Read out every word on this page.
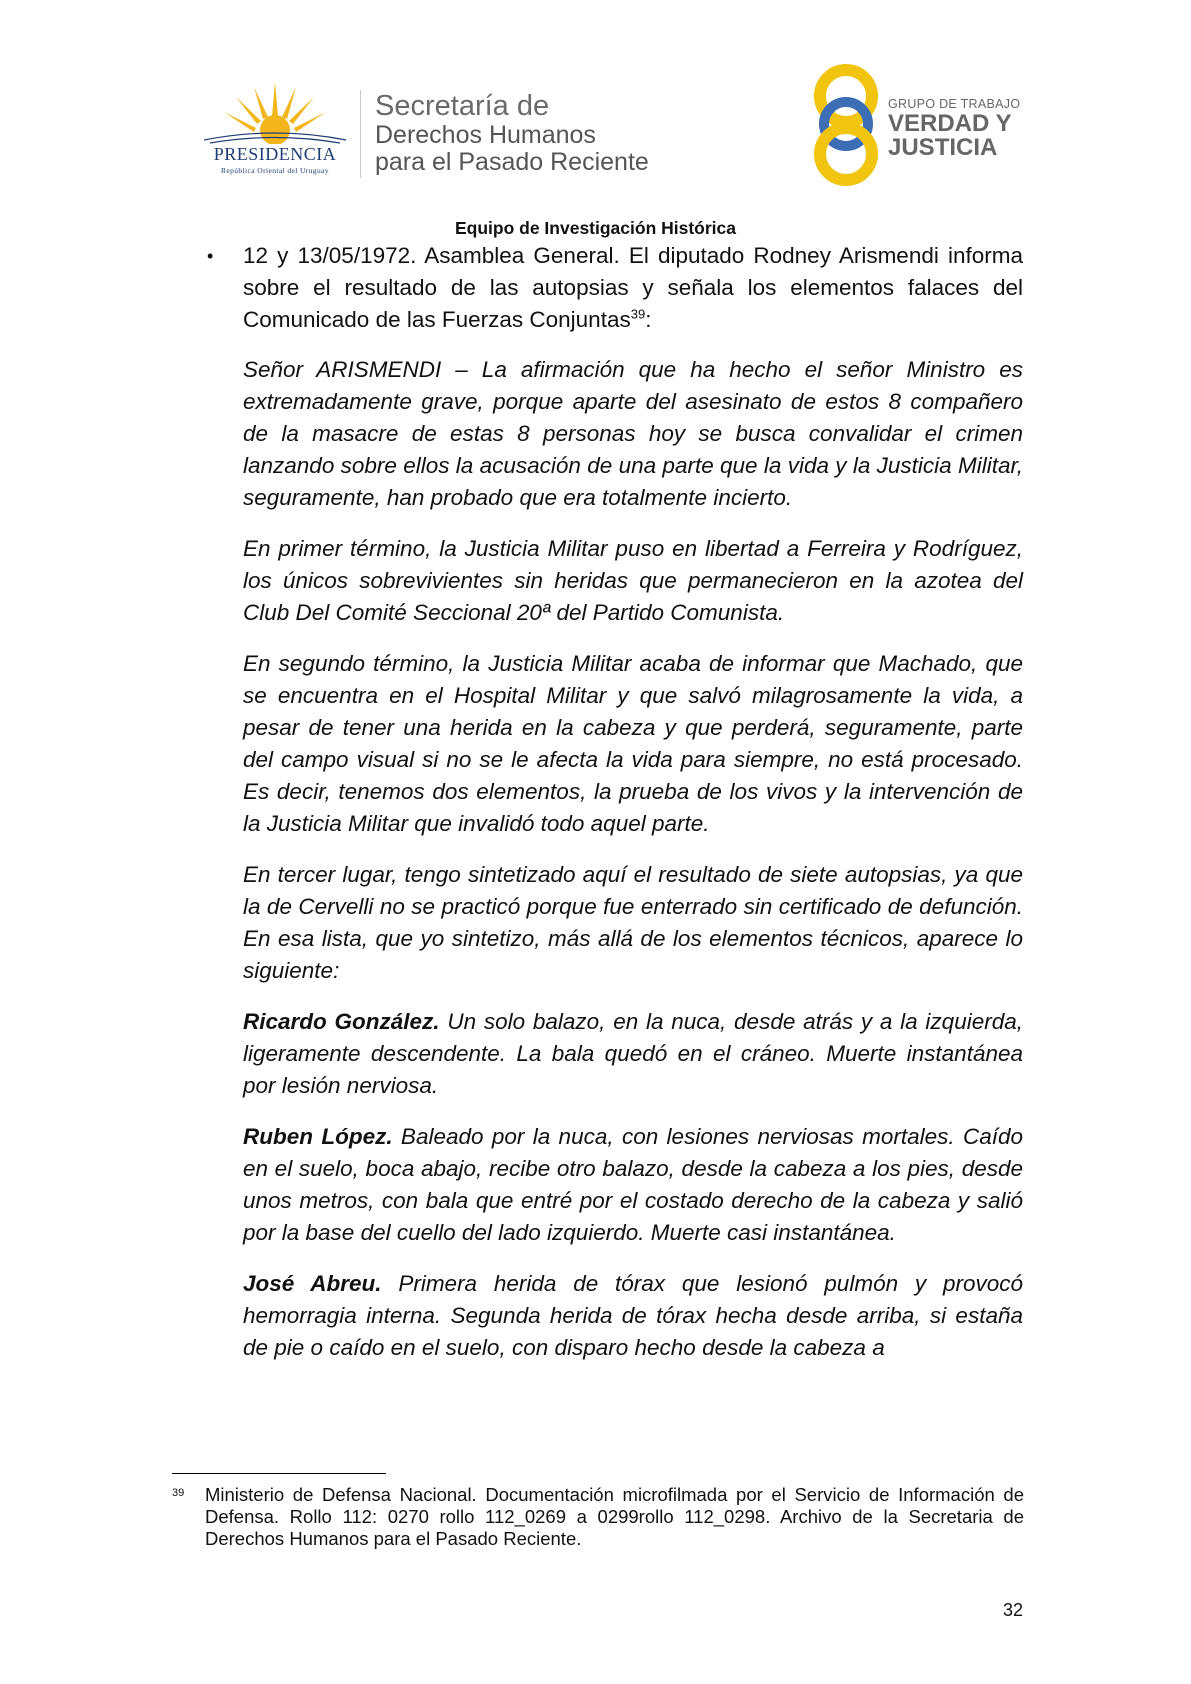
PRESIDENCIA
República Oriental del Uruguay
Secretaría de
Derechos Humanos
para el Pasado Reciente
GRUPO DE TRABAJO
VERDAD Y
JUSTICIA
Equipo de Investigación Histórica
• 12 y 13/05/1972. Asamblea General. El diputado Rodney Arismendi informa sobre el resultado de las autopsias y señala los elementos falaces del Comunicado de las Fuerzas Conjuntas$^{39}$:

Señor ARISMENDI – La afirmación que ha hecho el señor Ministro es extremadamente grave, porque aparte del asesinato de estos 8 compañero de la masacre de estas 8 personas hoy se busca convalidar el crimen lanzando sobre ellos la acusación de una parte que la vida y la Justicia Militar, seguramente, han probado que era totalmente incierto.

En primer término, la Justicia Militar puso en libertad a Ferreira y Rodríguez, los únicos sobrevivientes sin heridas que permanecieron en la azotea del Club Del Comité Seccional 20ª del Partido Comunista.

En segundo término, la Justicia Militar acaba de informar que Machado, que se encuentra en el Hospital Militar y que salvó milagrosamente la vida, a pesar de tener una herida en la cabeza y que perderá, seguramente, parte del campo visual si no se le afecta la vida para siempre, no está procesado. Es decir, tenemos dos elementos, la prueba de los vivos y la intervención de la Justicia Militar que invalidó todo aquel parte.

En tercer lugar, tengo sintetizado aquí el resultado de siete autopsias, ya que la de Cervelli no se practicó porque fue enterrado sin certificado de defunción. En esa lista, que yo sintetizo, más allá de los elementos técnicos, aparece lo siguiente:

Ricardo González. Un solo balazo, en la nuca, desde atrás y a la izquierda, ligeramente descendente. La bala quedó en el cráneo. Muerte instantánea por lesión nerviosa.

Ruben López. Baleado por la nuca, con lesiones nerviosas mortales. Caído en el suelo, boca abajo, recibe otro balazo, desde la cabeza a los pies, desde unos metros, con bala que entré por el costado derecho de la cabeza y salió por la base del cuello del lado izquierdo. Muerte casi instantánea.

José Abreu. Primera herida de tórax que lesionó pulmón y provocó hemorragia interna. Segunda herida de tórax hecha desde arriba, si estaña de pie o caído en el suelo, con disparo hecho desde la cabeza a

39 Ministerio de Defensa Nacional. Documentación microfilmada por el Servicio de Información de Defensa. Rollo 112: 0270 rollo 112_0269 a 0299rollo 112_0298. Archivo de la Secretaria de Derechos Humanos para el Pasado Reciente.
32
